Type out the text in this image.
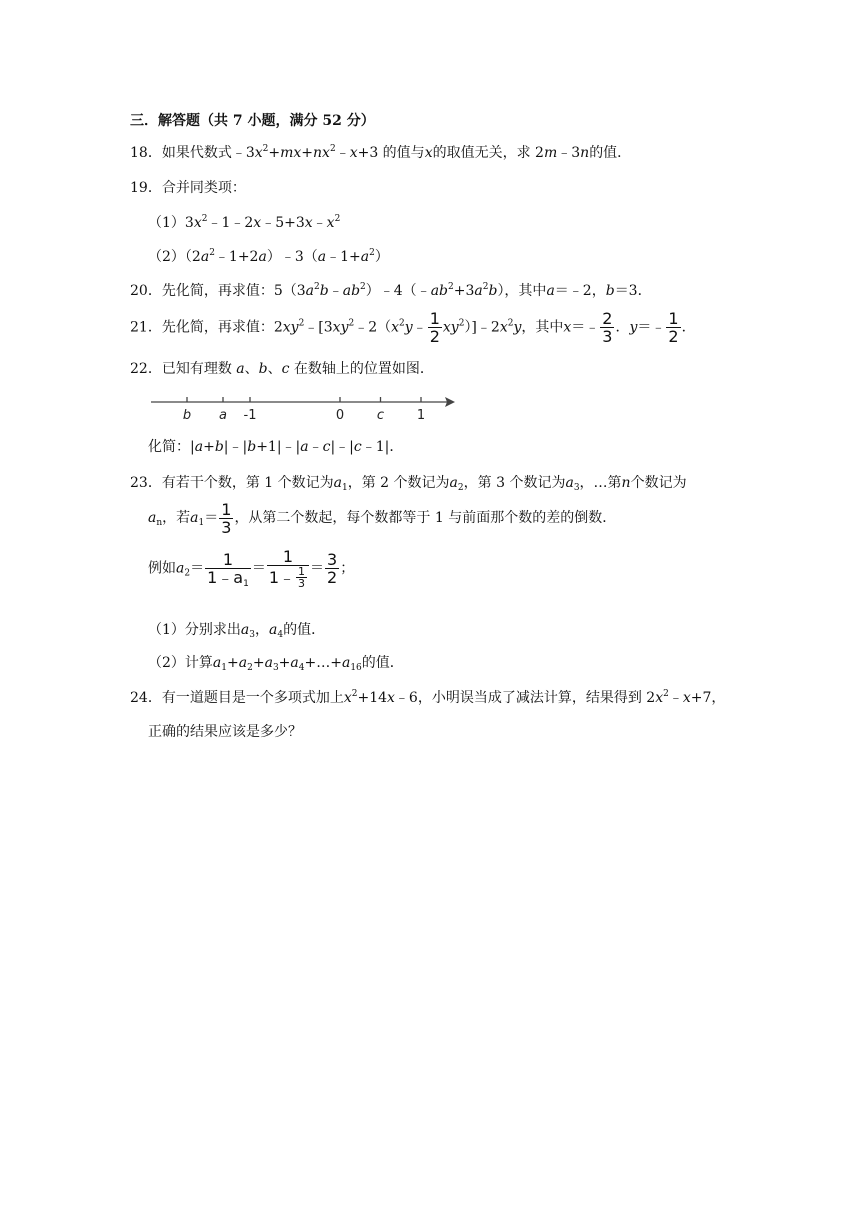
三．解答题（共 7 小题，满分 52 分）
18．如果代数式$﹣3x^2+mx+nx^2﹣x+3$ 的值与x的取值无关，求 2m﹣3n的值．
19．合并同类项：
$(1)3x^2﹣1﹣2x﹣5+3x﹣x^2$
$(2)(2a^2﹣1+2a)﹣3(a﹣1+a^2)$
20．先化简，再求值：$5(3a^2b﹣ab^2)﹣4(﹣ab^2+3a^2b)$，其中a＝﹣2，b＝3．
21．先化简，再求值：$2xy^2﹣[3xy^2﹣2(x^2y﹣ \frac{1}{2}$ $xy^2)]﹣2x^2y$，其中x＝﹣ $\frac{2}{3}$ ．y＝﹣ $\frac{1}{2}$ ．
22．已知有理数 a、b、c 在数轴上的位置如图．
b a -1	0	c	1
化简：|a+b|﹣|b+1|﹣|a﹣c|﹣|c﹣1|．
23．有若干个数，第 1 个数记为$a_1$，第 2 个数记为$a_2$，第 3 个数记为$a_3$，…第n个数记为
$a_n$，若$a_1= \frac{1}{3}$ ，从第二个数起，每个数都等于 1 与前面那个数的差的倒数．
例如$a_2= \frac{1}{1﹣a_1} = 1$
1﹣ 1
$3 = \frac{3}{2}$ ；
（1）分别求出$a_3$，$a_4$的值．
（2）计算$a_1+a_2+a_3+a_4+\dots+a_{16}$的值．
24．有一道题目是一个多项式加上$x^2+14x﹣6$，小明误当成了减法计算，结果得到 $2x^2﹣x+7$，
正确的结果应该是多少？
